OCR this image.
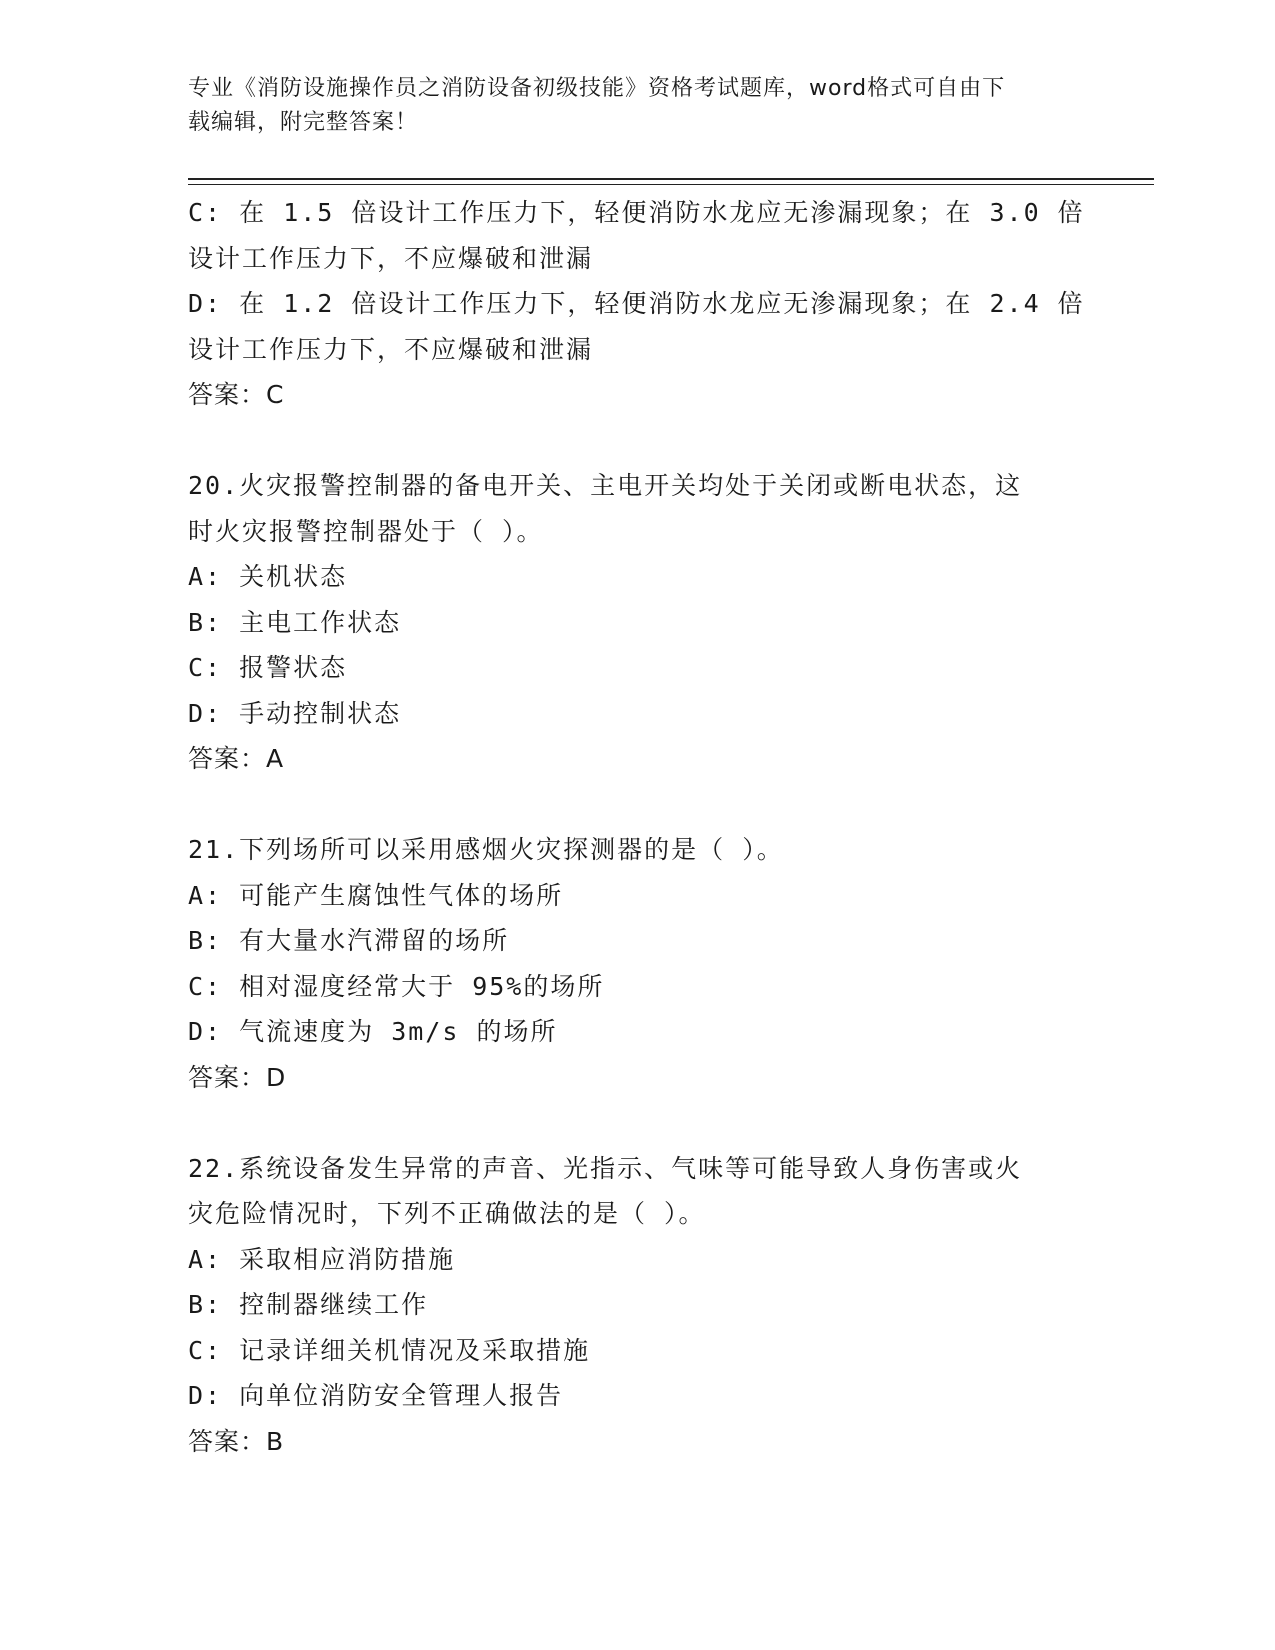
专业《消防设施操作员之消防设备初级技能》资格考试题库，word格式可自由下
载编辑，附完整答案！
C: 在 1.5 倍设计工作压力下，轻便消防水龙应无渗漏现象；在 3.0 倍
设计工作压力下，不应爆破和泄漏
D: 在 1.2 倍设计工作压力下，轻便消防水龙应无渗漏现象；在 2.4 倍
设计工作压力下，不应爆破和泄漏
答案：C
20.火灾报警控制器的备电开关、主电开关均处于关闭或断电状态，这
时火灾报警控制器处于（ ）。
A: 关机状态
B: 主电工作状态
C: 报警状态
D: 手动控制状态
答案：A
21.下列场所可以采用感烟火灾探测器的是（ ）。
A: 可能产生腐蚀性气体的场所
B: 有大量水汽滞留的场所
C: 相对湿度经常大于 95%的场所
D: 气流速度为 3m/s 的场所
答案：D
22.系统设备发生异常的声音、光指示、气味等可能导致人身伤害或火
灾危险情况时，下列不正确做法的是（ ）。
A: 采取相应消防措施
B: 控制器继续工作
C: 记录详细关机情况及采取措施
D: 向单位消防安全管理人报告
答案：B
